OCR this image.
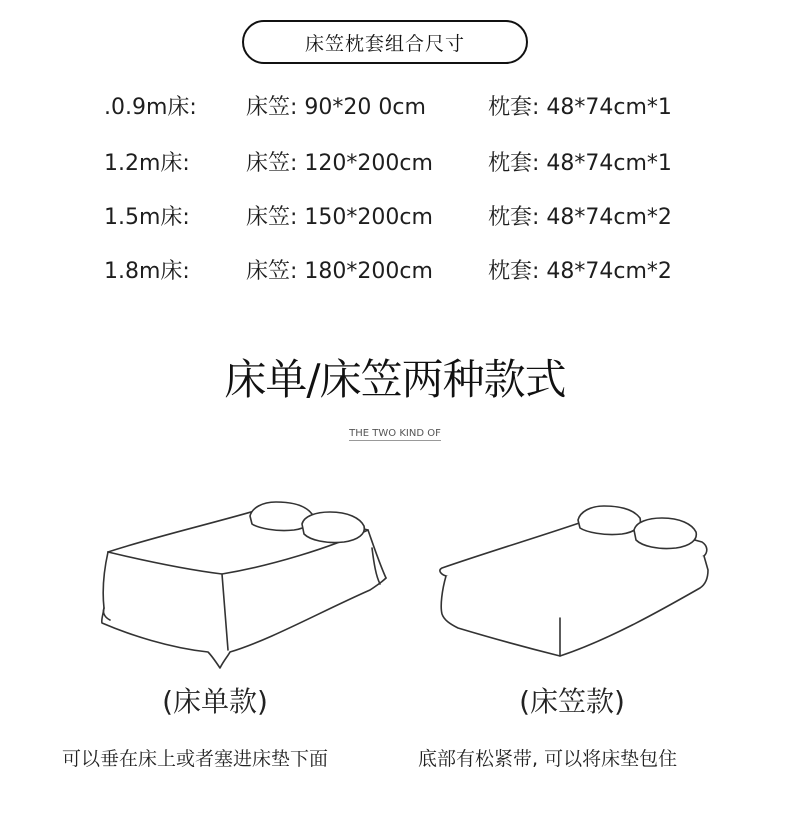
床笠枕套组合尺寸
.0.9m床: 床笠: 90*20 0cm	枕套: 48*74cm*1
1.2m床:	床笠: 120*200cm	枕套: 48*74cm*1
1.5m床:	床笠: 150*200cm	枕套: 48*74cm*2
1.8m床:	床笠: 180*200cm	枕套: 48*74cm*2
床单/床笠两种款式
THE TWO KIND OF
(床单款)	(床笠款)
可以垂在床上或者塞进床垫下面	底部有松紧带, 可以将床垫包住
